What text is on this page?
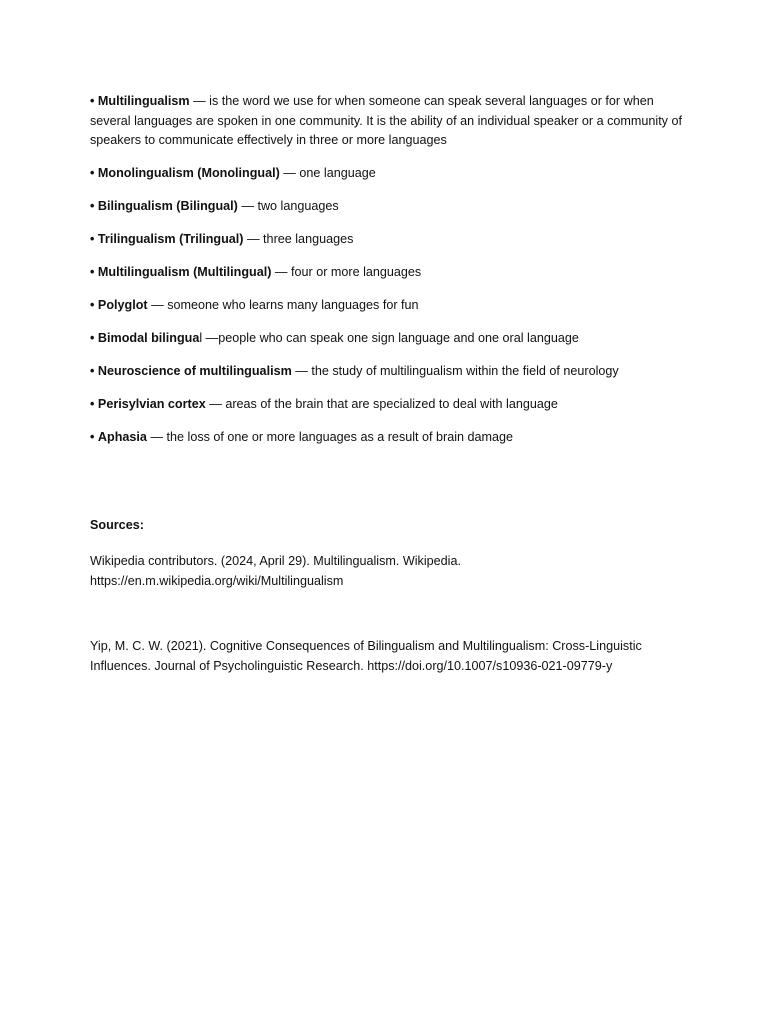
• Multilingualism — is the word we use for when someone can speak several languages or for when several languages are spoken in one community. It is the ability of an individual speaker or a community of speakers to communicate effectively in three or more languages
• Monolingualism (Monolingual) — one language
• Bilingualism (Bilingual) — two languages
• Trilingualism (Trilingual) — three languages
• Multilingualism (Multilingual) — four or more languages
• Polyglot — someone who learns many languages for fun
• Bimodal bilingual —people who can speak one sign language and one oral language
• Neuroscience of multilingualism — the study of multilingualism within the field of neurology
• Perisylvian cortex — areas of the brain that are specialized to deal with language
• Aphasia — the loss of one or more languages as a result of brain damage
Sources:
Wikipedia contributors. (2024, April 29). Multilingualism. Wikipedia.
https://en.m.wikipedia.org/wiki/Multilingualism
Yip, M. C. W. (2021). Cognitive Consequences of Bilingualism and Multilingualism: Cross-Linguistic
Influences. Journal of Psycholinguistic Research. https://doi.org/10.1007/s10936-021-09779-y
